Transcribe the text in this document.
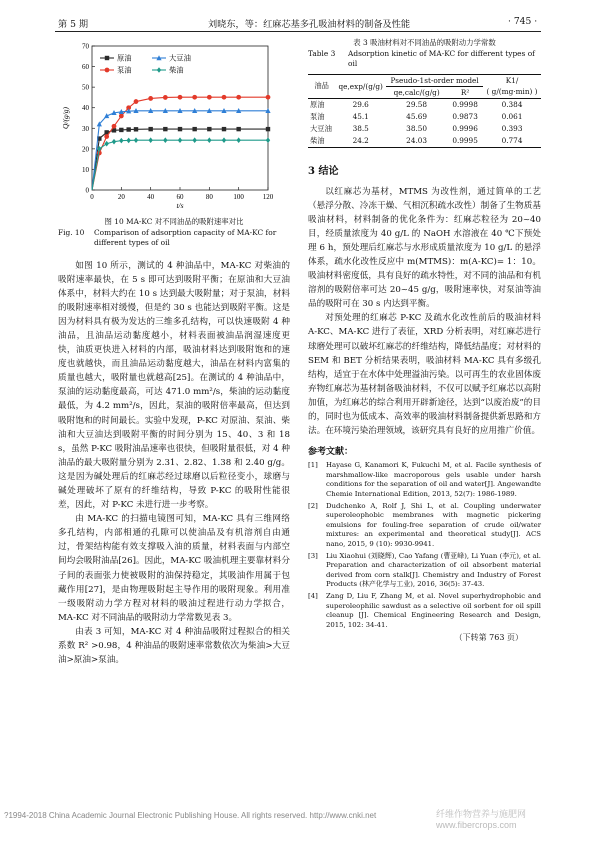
第 5 期	刘晓东，等：红麻芯基多孔吸油材料的制备及性能	· 745 ·
0	20	40	60	80	100	120
0
10
20
30
40
50
60
70
t/s
Q/(g/g)
原油
泵油
大豆油
柴油

图 10 MA-KC 对不同油品的吸附速率对比

Fig. 10	Comparison of adsorption capacity of MA-KC for different types of oil

如图 10 所示，测试的 4 种油品中，MA-KC 对柴油的吸附速率最快，在 5 s 即可达到吸附平衡；在原油和大豆油体系中，材料大约在 10 s 达到最大吸附量；对于泵油，材料的吸附速率相对缓慢，但是约 30 s 也能达到吸附平衡。这是因为材料具有极为发达的三维多孔结构，可以快速吸附 4 种油品，且油品运动黏度越小，材料表面被油品润湿速度更快，油质更快进入材料的内部，吸油材料达到吸附饱和的速度也就越快，而且油品运动黏度越大，油品在材料内富集的质量也越大，吸附量也就越高[25]。在测试的 4 种油品中，泵油的运动黏度最高，可达 471.0 mm²/s，柴油的运动黏度最低，为 4.2 mm²/s，因此，泵油的吸附倍率最高，但达到吸附饱和的时间最长。实验中发现，P-KC 对原油、泵油、柴油和大豆油达到吸附平衡的时间分别为 15、40、3 和 18 s，虽然 P-KC 吸附油品速率也很快，但吸附量很低，对 4 种油品的最大吸附量分别为 2.31、2.82、1.38 和 2.40 g/g。这是因为碱处理后的红麻芯经过球磨以后粒径变小，球磨与碱处理破坏了原有的纤维结构，导致 P-KC 的吸附性能很差，因此，对 P-KC 未进行进一步考察。

由 MA-KC 的扫描电镜图可知，MA-KC 具有三维网络多孔结构，内部相通的孔隙可以使油品及有机溶剂自由通过，骨架结构能有效支撑吸入油的质量，材料表面与内部空间均会吸附油品[26]。因此，MA-KC 吸油机理主要靠材料分子间的表面张力使被吸附的油保持稳定，其吸油作用属于包藏作用[27]，是由物理吸附起主导作用的吸附现象。利用准一级吸附动力学方程对材料的吸油过程进行动力学拟合，MA-KC 对不同油品的吸附动力学常数见表 3。

由表 3 可知，MA-KC 对 4 种油品吸附过程拟合的相关系数 R² >0.98，4 种油品的吸附速率常数依次为柴油>大豆油>原油>泵油。

表 3 吸油材料对不同油品的吸附动力学常数

Table 3	Adsorption kinetic of MA-KC for different types of oil
油品	qe,exp/(g/g)	Pseudo-1st-order model		K1/
		qe,calc/(g/g)	R²	( g/(mg·min) )
原油	29.6	29.58	0.9998	0.384
泵油	45.1	45.69	0.9873	0.061
大豆油	38.5	38.50	0.9996	0.393
柴油	24.2	24.03	0.9995	0.774
3 结论

以红麻芯为基材，MTMS 为改性剂，通过简单的工艺（悬浮分散、冷冻干燥、气相沉积疏水改性）制备了生物质基吸油材料，材料制备的优化条件为：红麻芯粒径为 20~40 目，经质量浓度为 40 g/L 的 NaOH 水溶液在 40 ℃下预处理 6 h，预处理后红麻芯与水形成质量浓度为 10 g/L 的悬浮体系，疏水化改性反应中 m(MTMS)：m(A-KC)= 1：10。吸油材料密度低，具有良好的疏水特性，对不同的油品和有机溶剂的吸附倍率可达 20~45 g/g，吸附速率快，对泵油等油品的吸附可在 30 s 内达到平衡。

对预处理的红麻芯 P-KC 及疏水化改性前后的吸油材料 A-KC、MA-KC 进行了表征，XRD 分析表明，对红麻芯进行球磨处理可以破坏红麻芯的纤维结构，降低结晶度；对材料的 SEM 和 BET 分析结果表明，吸油材料 MA-KC 具有多级孔结构，适宜于在水体中处理溢油污染。以可再生的农业固体废弃物红麻芯为基材制备吸油材料，不仅可以赋予红麻芯以高附加值，为红麻芯的综合利用开辟新途径，达到“以废治废”的目的，同时也为低成本、高效率的吸油材料制备提供新思路和方法。在环境污染治理领域，该研究具有良好的应用推广价值。

参考文献：
[1]	Hayase G, Kanamori K, Fukuchi M, et al. Facile synthesis of marshmallow-like macroporous gels usable under harsh conditions for the separation of oil and water[J]. Angewandte Chemie International Edition, 2013, 52(7): 1986-1989.
[2]	Dudchenko A, Rolf J, Shi L, et al. Coupling underwater superoleophobic membranes with magnetic pickering emulsions for fouling-free separation of crude oil/water mixtures: an experimental and theoretical study[J]. ACS nano, 2015, 9 (10): 9930-9941.
[3]	Liu Xiaohui (刘晓辉), Cao Yafang (曹亚峰), Li Yuan (李元), et al. Preparation and characterization of oil absorbent material derived from corn stalk[J]. Chemistry and Industry of Forest Products (林产化学与工业), 2016, 36(5): 37-43.
[4]	Zang D, Liu F, Zhang M, et al. Novel superhydrophobic and superoleophilic sawdust as a selective oil sorbent for oil spill cleanup [J]. Chemical Engineering Research and Design, 2015, 102: 34-41.
（下转第 763 页）
?1994-2018 China Academic Journal Electronic Publishing House. All rights reserved. http://www.cnki.net	纤维作物营养与施肥网 www.fibercrops.com
